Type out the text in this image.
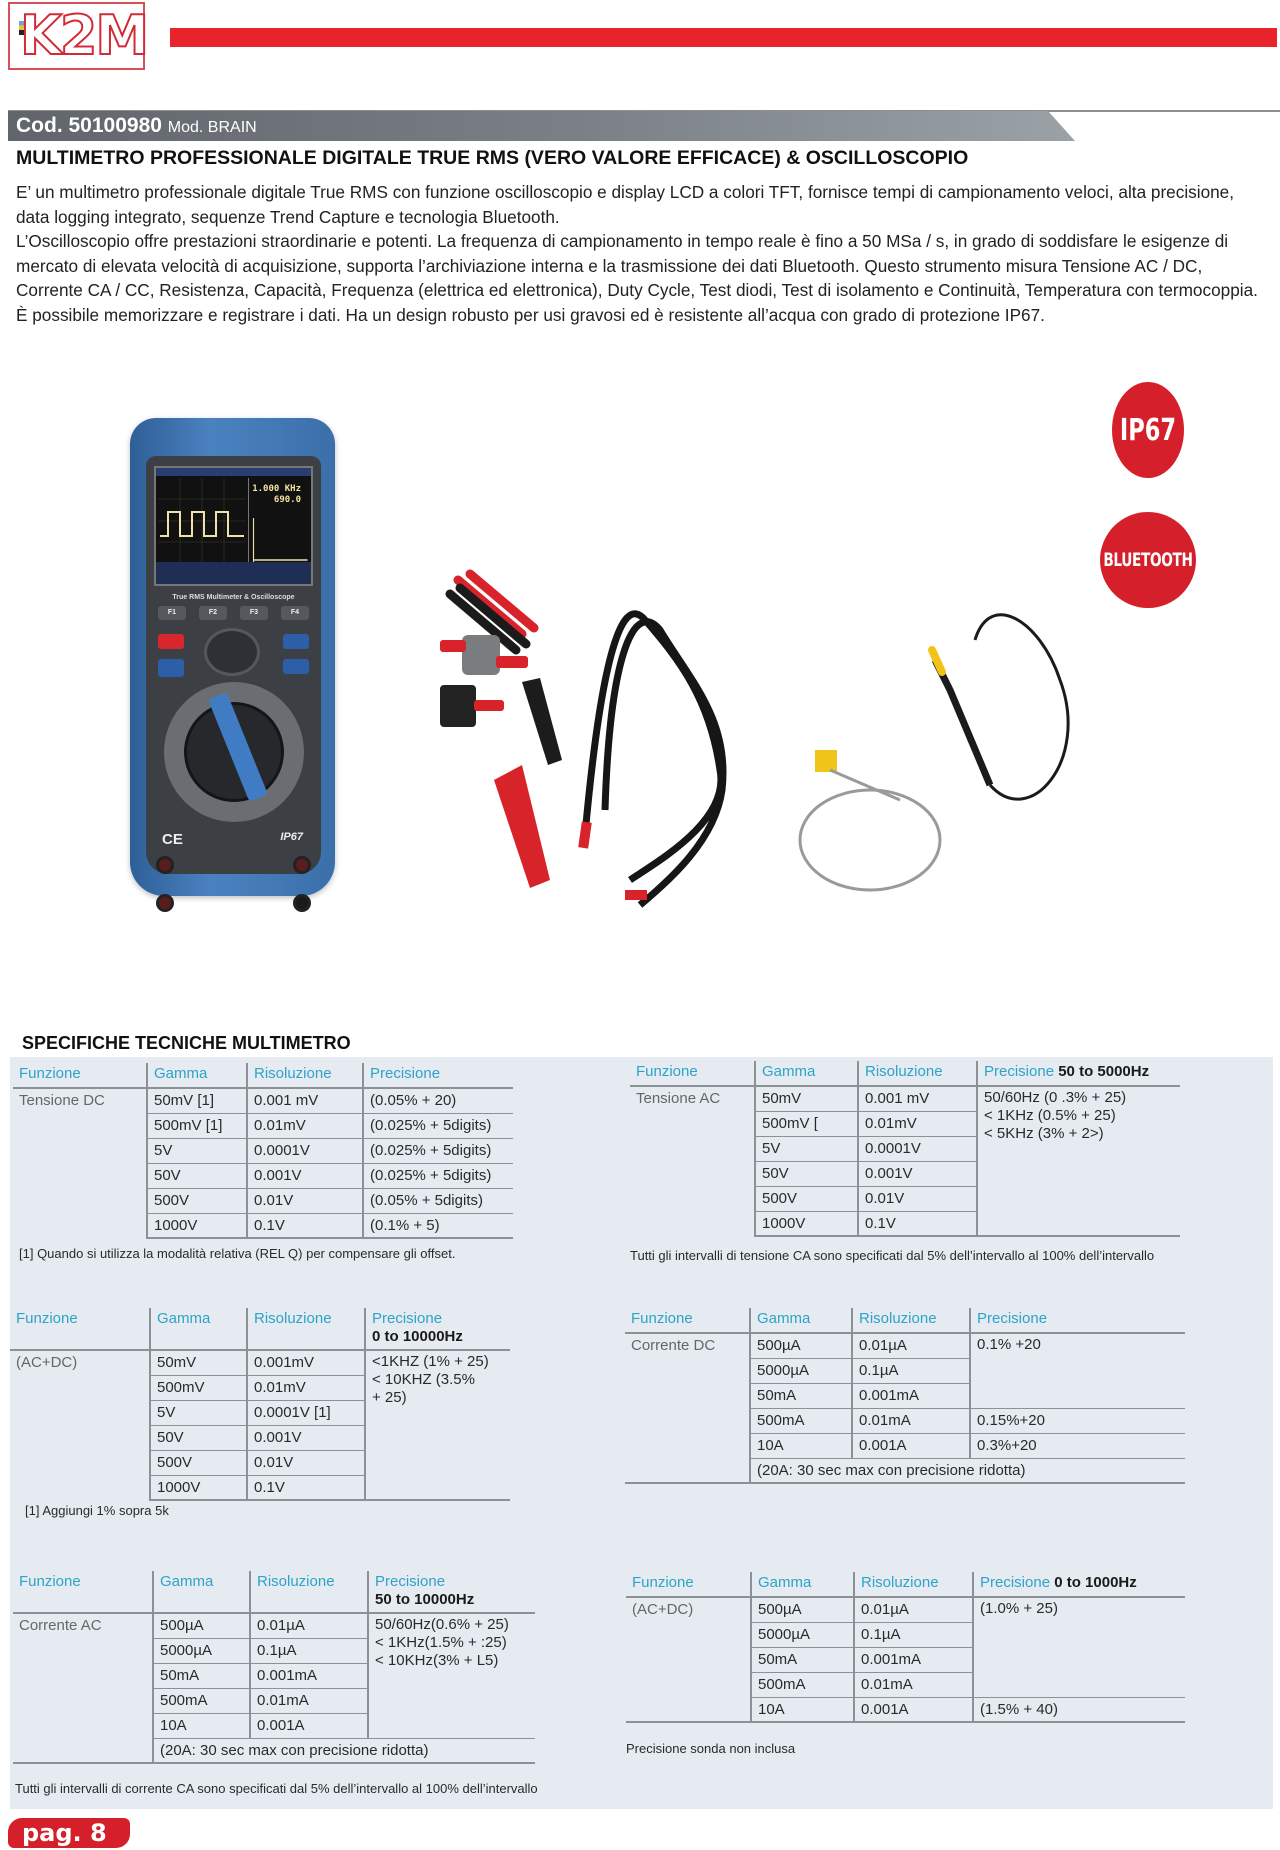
K2M
Cod. 50100980 Mod. BRAIN
MULTIMETRO PROFESSIONALE DIGITALE TRUE RMS (VERO VALORE EFFICACE) & OSCILLOSCOPIO

E’ un multimetro professionale digitale True RMS con funzione oscilloscopio e display LCD a colori TFT, fornisce tempi di campionamento veloci, alta precisione, data logging integrato, sequenze Trend Capture e tecnologia Bluetooth.

L’Oscilloscopio offre prestazioni straordinarie e potenti. La frequenza di campionamento in tempo reale è fino a 50 MSa / s, in grado di soddisfare le esigenze di mercato di elevata velocità di acquisizione, supporta l’archiviazione interna e la trasmissione dei dati Bluetooth. Questo strumento misura Tensione AC / DC, Corrente CA / CC, Resistenza, Capacità, Frequenza (elettrica ed elettronica), Duty Cycle, Test diodi, Test di isolamento e Continuità, Temperatura con termocoppia. È possibile memorizzare e registrare i dati. Ha un design robusto per usi gravosi ed è resistente all’acqua con grado di protezione IP67.

1.000 KHz
690.0
True RMS Multimeter & Oscilloscope
F1	F2	F3	F4
CE	IP67
IP67
BLUETOOTH
SPECIFICHE TECNICHE MULTIMETRO
Funzione	Gamma	Risoluzione	Precisione
Tensione DC	50mV [1]	0.001 mV	(0.05% + 20)
	500mV [1]	0.01mV	(0.025% + 5digits)
	5V	0.0001V	(0.025% + 5digits)
	50V	0.001V	(0.025% + 5digits)
	500V	0.01V	(0.05% + 5digits)
	1000V	0.1V	(0.1% + 5)
[1] Quando si utilizza la modalità relativa (REL Q) per compensare gli offset.
Funzione	Gamma	Risoluzione	Precisione 50 to 5000Hz
Tensione AC	50mV	0.001 mV	50/60Hz (0 .3% + 25)
< 1KHz (0.5% + 25)
< 5KHz (3% + 2>)

	500mV [	0.01mV	
	5V	0.0001V	
	50V	0.001V	
	500V	0.01V	
	1000V	0.1V	
Tutti gli intervalli di tensione CA sono specificati dal 5% dell’intervallo al 100% dell’intervallo
Funzione	Gamma	Risoluzione	Precisione
0 to 10000Hz

(AC+DC)	50mV	0.001mV	<1KHZ (1% + 25)
< 10KHZ (3.5%
+ 25)

	500mV	0.01mV	
	5V	0.0001V [1]	
	50V	0.001V	
	500V	0.01V	
	1000V	0.1V	
[1] Aggiungi 1% sopra 5k
Funzione	Gamma	Risoluzione	Precisione
Corrente DC	500µA	0.01µA	0.1% +20
	5000µA	0.1µA	
	50mA	0.001mA	
	500mA	0.01mA	0.15%+20
	10A	0.001A	0.3%+20
	(20A: 30 sec max con precisione ridotta)		
Funzione	Gamma	Risoluzione	Precisione
50 to 10000Hz

Corrente AC	500µA	0.01µA	50/60Hz(0.6% + 25)
< 1KHz(1.5% + :25)
< 10KHz(3% + L5)

	5000µA	0.1µA	
	50mA	0.001mA	
	500mA	0.01mA	
	10A	0.001A	
	(20A: 30 sec max con precisione ridotta)		
Tutti gli intervalli di corrente CA sono specificati dal 5% dell’intervallo al 100% dell’intervallo
Funzione	Gamma	Risoluzione	Precisione 0 to 1000Hz
(AC+DC)	500µA	0.01µA	(1.0% + 25)
	5000µA	0.1µA	
	50mA	0.001mA	
	500mA	0.01mA	
	10A	0.001A	(1.5% + 40)
Precisione sonda non inclusa
pag. 8
